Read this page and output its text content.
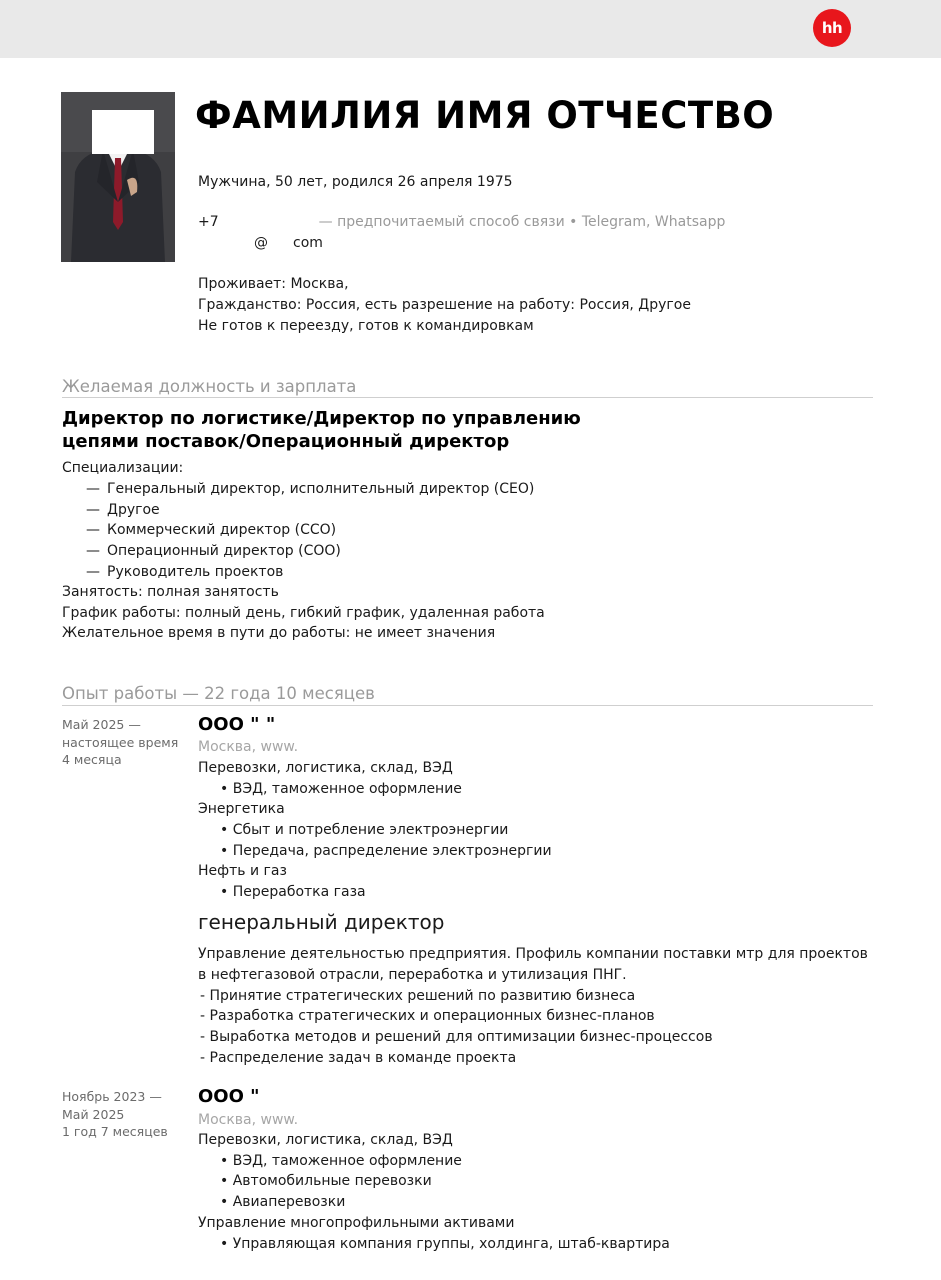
hh
ФАМИЛИЯ ИМЯ ОТЧЕСТВО
Мужчина, 50 лет, родился 26 апреля 1975
+7	— предпочитаемый способ связи • Telegram, Whatsapp
@ com
Проживает: Москва,
Гражданство: Россия, есть разрешение на работу: Россия, Другое
Не готов к переезду, готов к командировкам
Желаемая должность и зарплата
Директор по логистике/Директор по управлению цепями поставок/Операционный директор
Специализации:
— Генеральный директор, исполнительный директор (CEO)
— Другое
— Коммерческий директор (CCO)
— Операционный директор (COO)
— Руководитель проектов
Занятость: полная занятость
График работы: полный день, гибкий график, удаленная работа
Желательное время в пути до работы: не имеет значения
Опыт работы — 22 года 10 месяцев
Май 2025 —
настоящее время
4 месяца
ООО " "
Москва, www.
Перевозки, логистика, склад, ВЭД
• ВЭД, таможенное оформление
Энергетика
• Сбыт и потребление электроэнергии
• Передача, распределение электроэнергии
Нефть и газ
• Переработка газа
генеральный директор
Управление деятельностью предприятия. Профиль компании поставки мтр для проектов в нефтегазовой отрасли, переработка и утилизация ПНГ.
- Принятие стратегических решений по развитию бизнеса
- Разработка стратегических и операционных бизнес-планов
- Выработка методов и решений для оптимизации бизнес-процессов
- Распределение задач в команде проекта
Ноябрь 2023 —
Май 2025
1 год 7 месяцев
ООО "
Москва, www.
Перевозки, логистика, склад, ВЭД
• ВЭД, таможенное оформление
• Автомобильные перевозки
• Авиаперевозки
Управление многопрофильными активами
• Управляющая компания группы, холдинга, штаб-квартира
